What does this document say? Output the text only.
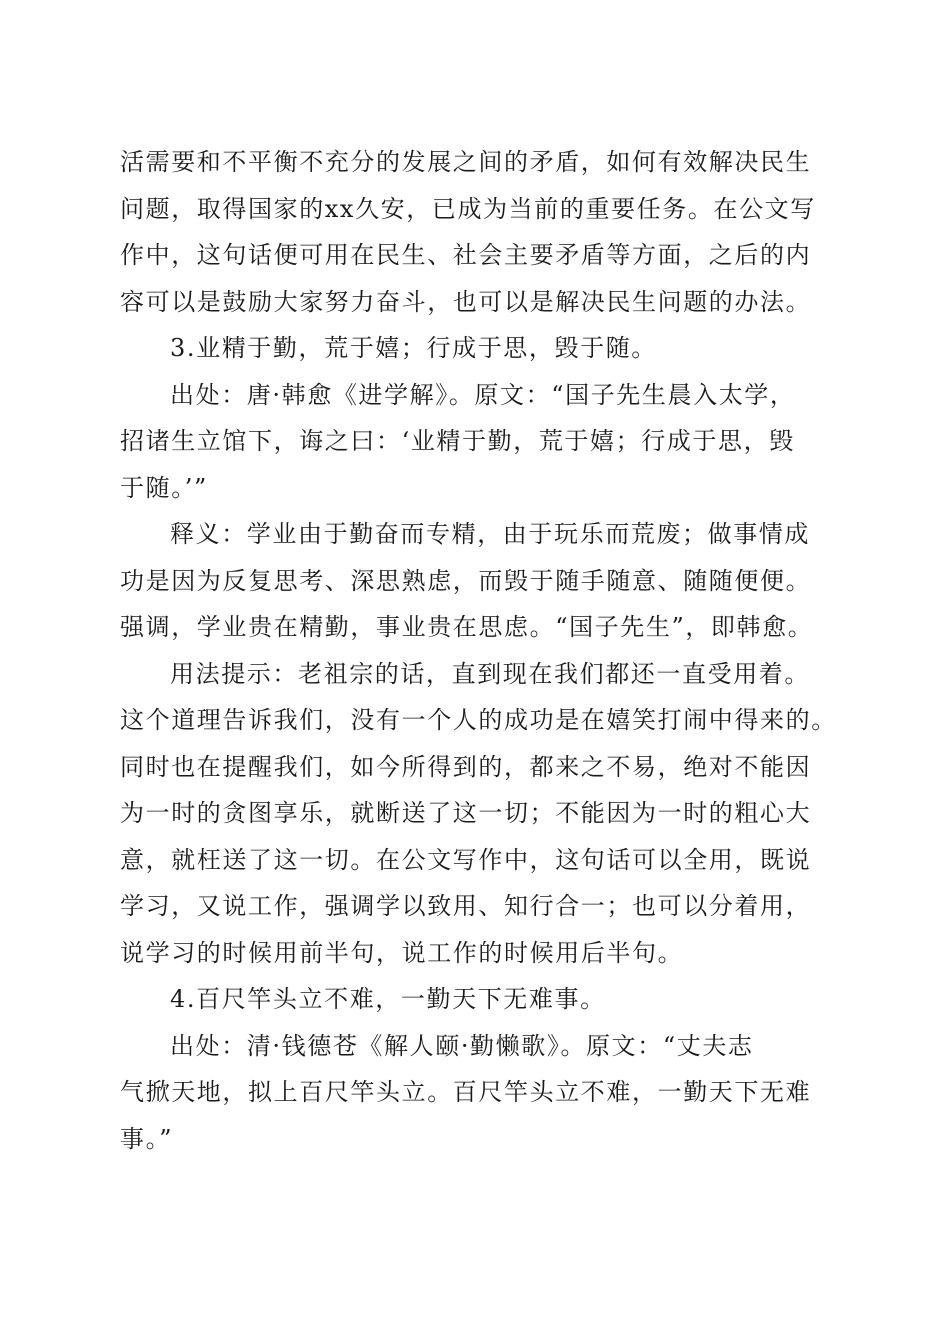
活需要和不平衡不充分的发展之间的矛盾，如何有效解决民生
问题，取得国家的xx久安，已成为当前的重要任务。在公文写
作中，这句话便可用在民生、社会主要矛盾等方面，之后的内
容可以是鼓励大家努力奋斗，也可以是解决民生问题的办法。
3.业精于勤，荒于嬉；行成于思，毁于随。
出处：唐·韩愈《进学解》。原文：“国子先生晨入太学，
招诸生立馆下，诲之曰：‘业精于勤，荒于嬉；行成于思，毁
于随。’”
释义：学业由于勤奋而专精，由于玩乐而荒废；做事情成
功是因为反复思考、深思熟虑，而毁于随手随意、随随便便。
强调，学业贵在精勤，事业贵在思虑。“国子先生”，即韩愈。
用法提示：老祖宗的话，直到现在我们都还一直受用着。
这个道理告诉我们，没有一个人的成功是在嬉笑打闹中得来的。
同时也在提醒我们，如今所得到的，都来之不易，绝对不能因
为一时的贪图享乐，就断送了这一切；不能因为一时的粗心大
意，就枉送了这一切。在公文写作中，这句话可以全用，既说
学习，又说工作，强调学以致用、知行合一；也可以分着用，
说学习的时候用前半句，说工作的时候用后半句。
4.百尺竿头立不难，一勤天下无难事。
出处：清·钱德苍《解人颐·勤懒歌》。原文：“丈夫志
气掀天地，拟上百尺竿头立。百尺竿头立不难，一勤天下无难
事。”
